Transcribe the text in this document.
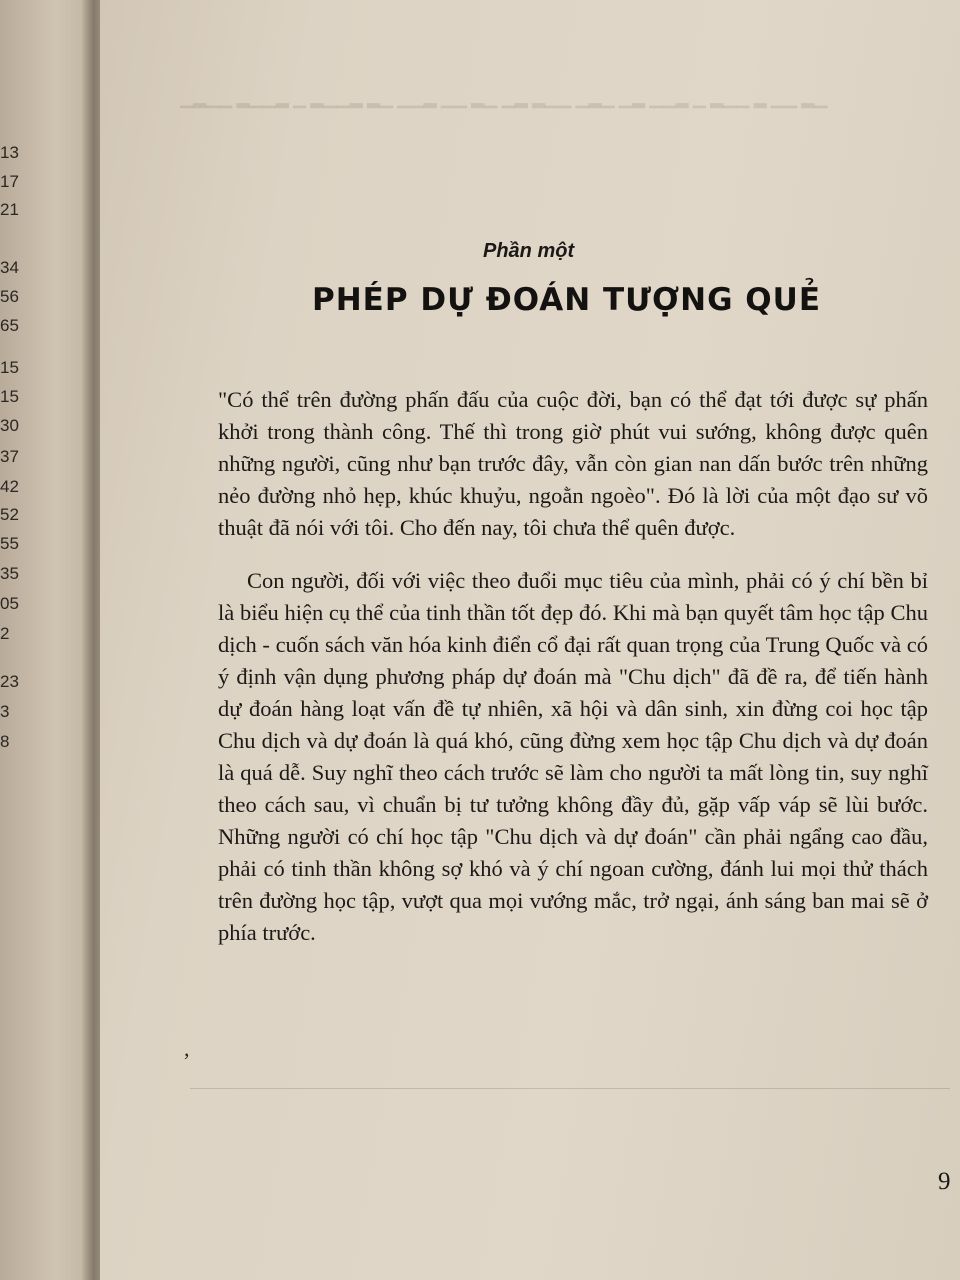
13
17
21
34
56
65
15
15
30
37
42
52
55
35
05
2
23
3
8
▁▂ ▁▁ ▂ ▁▁▂ ▁ ▂▁▁ ▂▁ ▁▂▁ ▁▁▂ ▂▁ ▁▂ ▁▁ ▂▁▁ ▁▂ ▂▁▁▂ ▁ ▂▁▁▂ ▁▁▂▁
Phần một
PHÉP DỰ ĐOÁN TƯỢNG QUẺ

"Có thể trên đường phấn đấu của cuộc đời, bạn có thể đạt tới được sự phấn khởi trong thành công. Thế thì trong giờ phút vui sướng, không được quên những người, cũng như bạn trước đây, vẫn còn gian nan dấn bước trên những nẻo đường nhỏ hẹp, khúc khuỷu, ngoằn ngoèo". Đó là lời của một đạo sư võ thuật đã nói với tôi. Cho đến nay, tôi chưa thể quên được.

Con người, đối với việc theo đuổi mục tiêu của mình, phải có ý chí bền bỉ là biểu hiện cụ thể của tinh thần tốt đẹp đó. Khi mà bạn quyết tâm học tập Chu dịch - cuốn sách văn hóa kinh điển cổ đại rất quan trọng của Trung Quốc và có ý định vận dụng phương pháp dự đoán mà "Chu dịch" đã đề ra, để tiến hành dự đoán hàng loạt vấn đề tự nhiên, xã hội và dân sinh, xin đừng coi học tập Chu dịch và dự đoán là quá khó, cũng đừng xem học tập Chu dịch và dự đoán là quá dễ. Suy nghĩ theo cách trước sẽ làm cho người ta mất lòng tin, suy nghĩ theo cách sau, vì chuẩn bị tư tưởng không đầy đủ, gặp vấp váp sẽ lùi bước. Những người có chí học tập "Chu dịch và dự đoán" cần phải ngẩng cao đầu, phải có tinh thần không sợ khó và ý chí ngoan cường, đánh lui mọi thử thách trên đường học tập, vượt qua mọi vướng mắc, trở ngại, ánh sáng ban mai sẽ ở phía trước.

,
9
